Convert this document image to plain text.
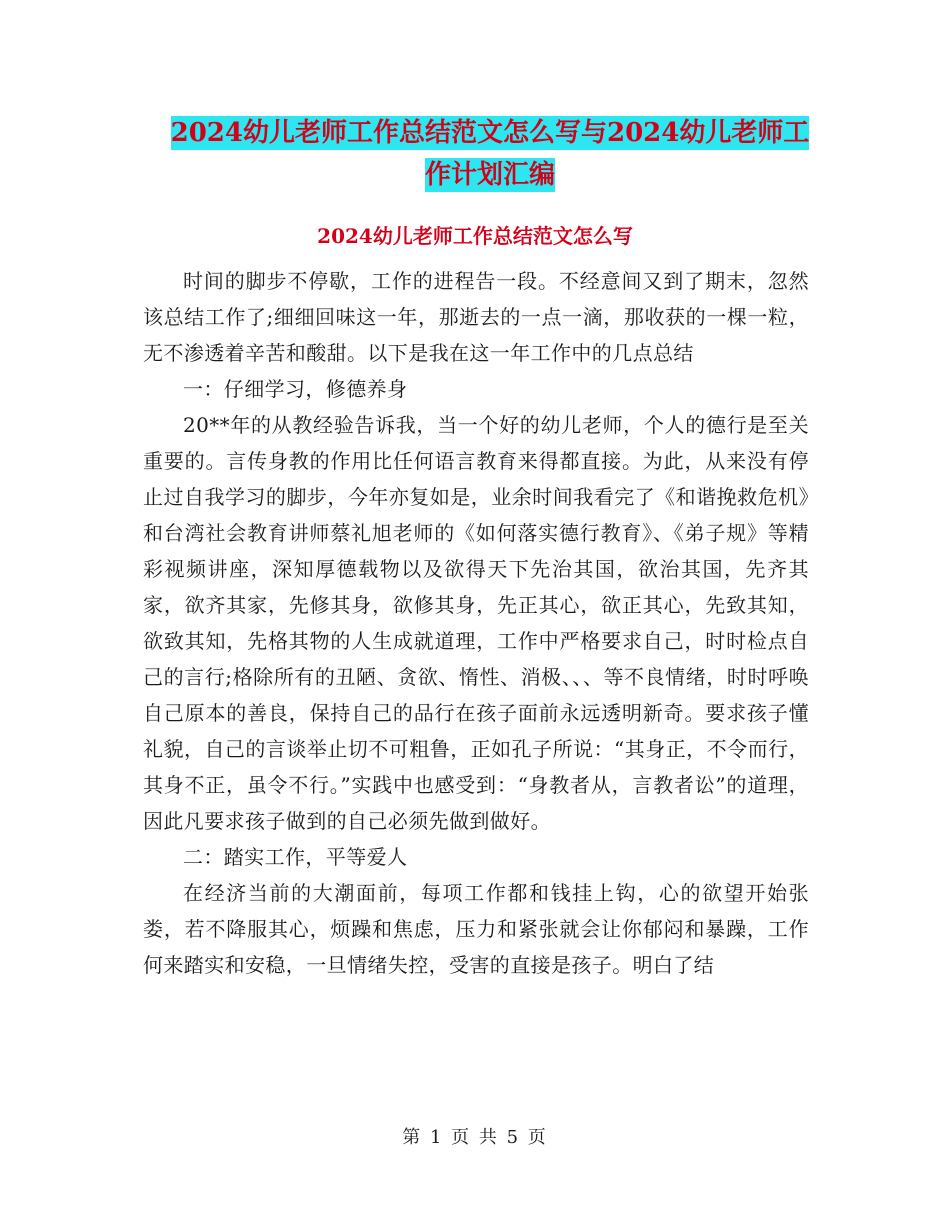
2024幼儿老师工作总结范文怎么写与2024幼儿老师工
作计划汇编
2024幼儿老师工作总结范文怎么写

时间的脚步不停歇，工作的进程告一段。不经意间又到了期末，忽然该总结工作了;细细回味这一年，那逝去的一点一滴，那收获的一棵一粒，无不渗透着辛苦和酸甜。以下是我在这一年工作中的几点总结

一：仔细学习，修德养身

20**年的从教经验告诉我，当一个好的幼儿老师，个人的德行是至关重要的。言传身教的作用比任何语言教育来得都直接。为此，从来没有停止过自我学习的脚步，今年亦复如是，业余时间我看完了《和谐挽救危机》和台湾社会教育讲师蔡礼旭老师的《如何落实德行教育》、《弟子规》等精彩视频讲座，深知厚德载物以及欲得天下先治其国，欲治其国，先齐其家，欲齐其家，先修其身，欲修其身，先正其心，欲正其心，先致其知，欲致其知，先格其物的人生成就道理，工作中严格要求自己，时时检点自己的言行;格除所有的丑陋、贪欲、惰性、消极、、、等不良情绪，时时呼唤自己原本的善良，保持自己的品行在孩子面前永远透明新奇。要求孩子懂礼貌，自己的言谈举止切不可粗鲁，正如孔子所说：“其身正，不令而行，其身不正，虽令不行。”实践中也感受到：“身教者从，言教者讼”的道理，因此凡要求孩子做到的自己必须先做到做好。

二：踏实工作，平等爱人

在经济当前的大潮面前，每项工作都和钱挂上钩，心的欲望开始张娄，若不降服其心，烦躁和焦虑，压力和紧张就会让你郁闷和暴躁，工作何来踏实和安稳，一旦情绪失控，受害的直接是孩子。明白了结

第 1 页 共 5 页
